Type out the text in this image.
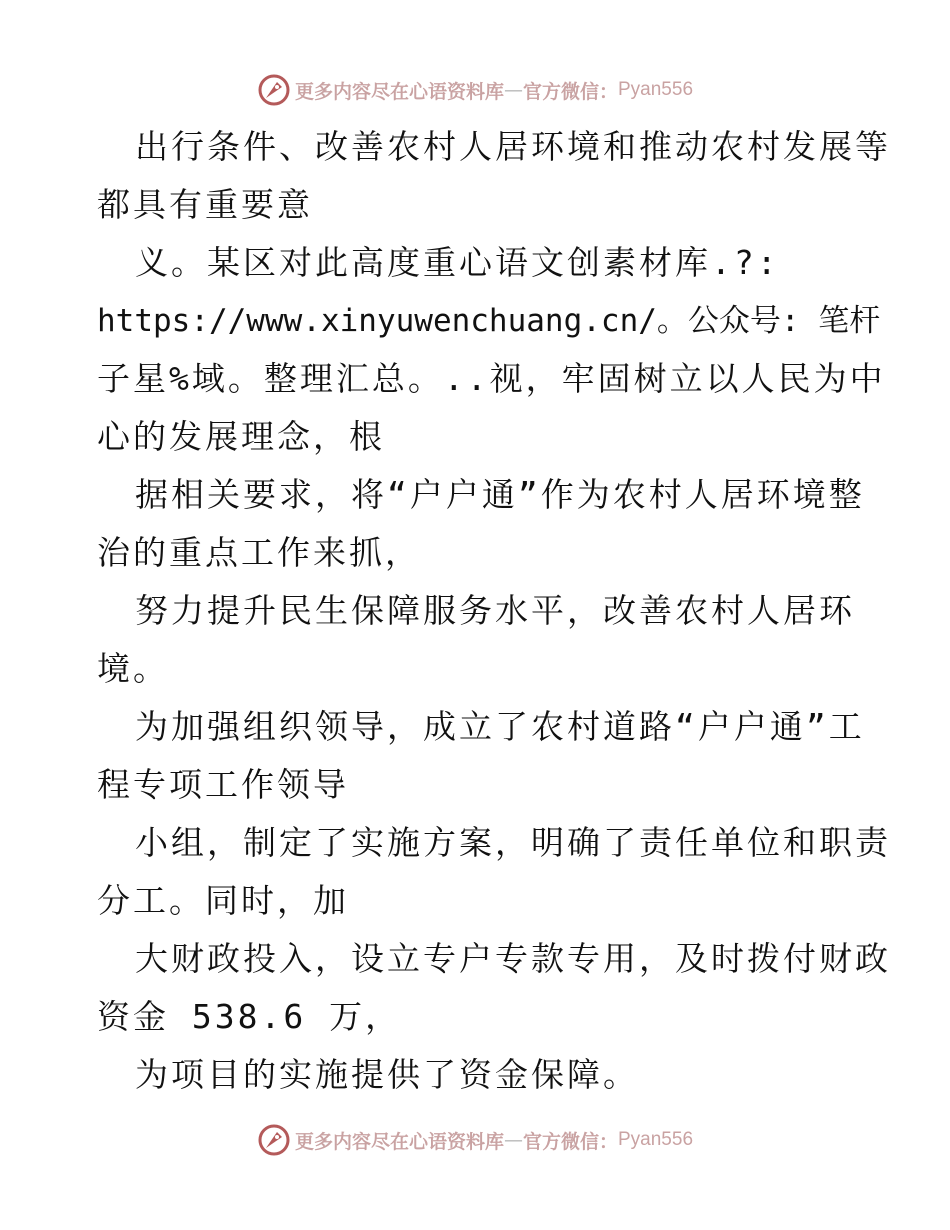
更多内容尽在心语资料库 — 官方微信： Pyan556
出行条件、改善农村人居环境和推动农村发展等
都具有重要意
义。某区对此高度重心语文创素材库.?:
https://www.xinyuwenchuang.cn/。公众号: 笔杆
子星%域。整理汇总。..视，牢固树立以人民为中
心的发展理念，根
据相关要求，将“户户通”作为农村人居环境整
治的重点工作来抓，
努力提升民生保障服务水平，改善农村人居环
境。
为加强组织领导，成立了农村道路“户户通”工
程专项工作领导
小组，制定了实施方案，明确了责任单位和职责
分工。同时，加
大财政投入，设立专户专款专用，及时拨付财政
资金 538.6 万，
为项目的实施提供了资金保障。
更多内容尽在心语资料库 — 官方微信： Pyan556
